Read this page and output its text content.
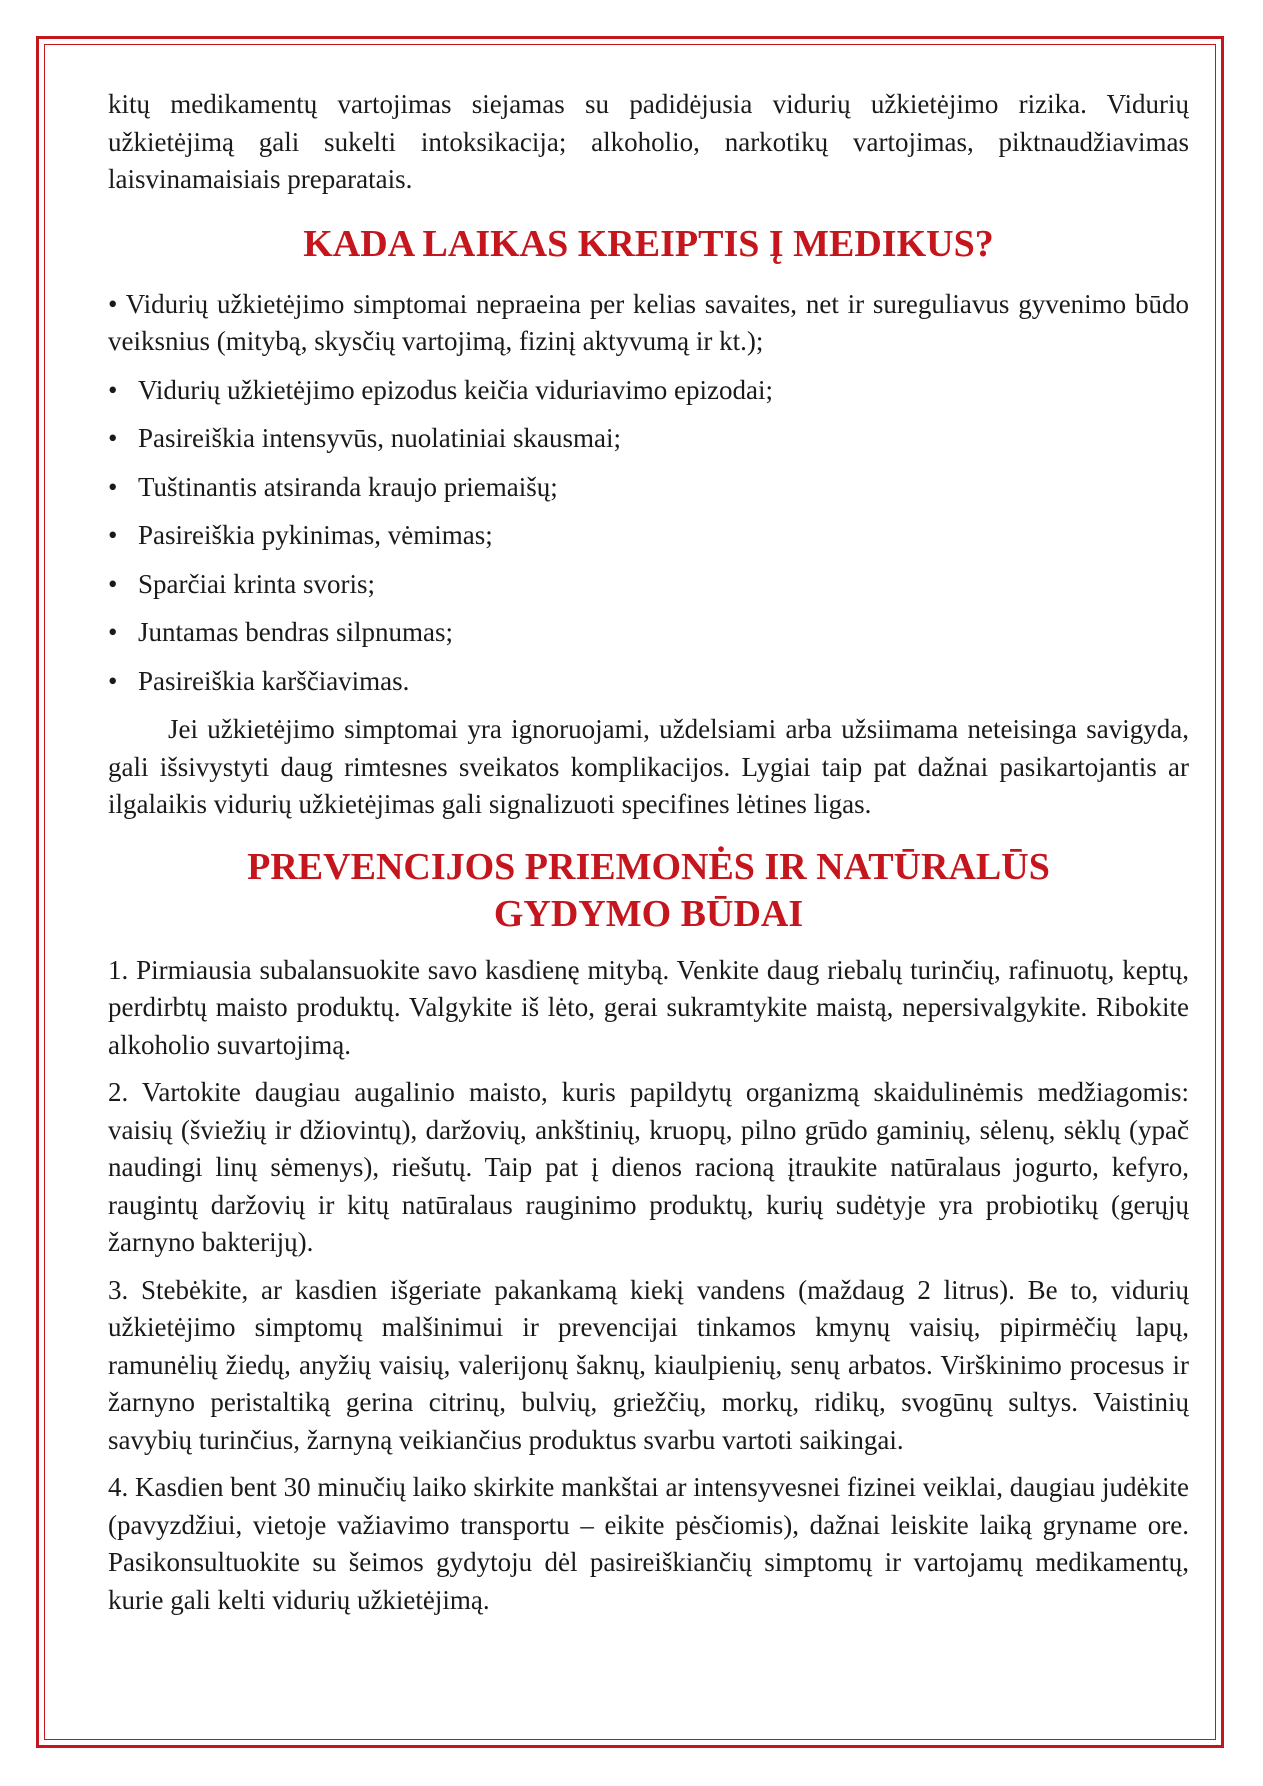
kitų medikamentų vartojimas siejamas su padidėjusia vidurių užkietėjimo rizika. Vidurių užkietėjimą gali sukelti intoksikacija; alkoholio, narkotikų vartojimas, piktnaudžiavimas laisvinamaisiais preparatais.

KADA LAIKAS KREIPTIS Į MEDIKUS?
• Vidurių užkietėjimo simptomai nepraeina per kelias savaites, net ir sureguliavus gyvenimo būdo veiksnius (mitybą, skysčių vartojimą, fizinį aktyvumą ir kt.);
• Vidurių užkietėjimo epizodus keičia viduriavimo epizodai;
• Pasireiškia intensyvūs, nuolatiniai skausmai;
• Tuštinantis atsiranda kraujo priemaišų;
• Pasireiškia pykinimas, vėmimas;
• Sparčiai krinta svoris;
• Juntamas bendras silpnumas;
• Pasireiškia karščiavimas.

Jei užkietėjimo simptomai yra ignoruojami, uždelsiami arba užsiimama neteisinga savigyda, gali išsivystyti daug rimtesnes sveikatos komplikacijos. Lygiai taip pat dažnai pasikartojantis ar ilgalaikis vidurių užkietėjimas gali signalizuoti specifines lėtines ligas.

PREVENCIJOS PRIEMONĖS IR NATŪRALŪS
GYDYMO BŪDAI

1. Pirmiausia subalansuokite savo kasdienę mitybą. Venkite daug riebalų turinčių, rafinuotų, keptų, perdirbtų maisto produktų. Valgykite iš lėto, gerai sukramtykite maistą, nepersivalgykite. Ribokite alkoholio suvartojimą.

2. Vartokite daugiau augalinio maisto, kuris papildytų organizmą skaidulinėmis medžiagomis: vaisių (šviežių ir džiovintų), daržovių, ankštinių, kruopų, pilno grūdo gaminių, sėlenų, sėklų (ypač naudingi linų sėmenys), riešutų. Taip pat į dienos racioną įtraukite natūralaus jogurto, kefyro, raugintų daržovių ir kitų natūralaus rauginimo produktų, kurių sudėtyje yra probiotikų (gerųjų žarnyno bakterijų).

3. Stebėkite, ar kasdien išgeriate pakankamą kiekį vandens (maždaug 2 litrus). Be to, vidurių užkietėjimo simptomų malšinimui ir prevencijai tinkamos kmynų vaisių, pipirmėčių lapų, ramunėlių žiedų, anyžių vaisių, valerijonų šaknų, kiaulpienių, senų arbatos. Virškinimo procesus ir žarnyno peristaltiką gerina citrinų, bulvių, griežčių, morkų, ridikų, svogūnų sultys. Vaistinių savybių turinčius, žarnyną veikiančius produktus svarbu vartoti saikingai.

4. Kasdien bent 30 minučių laiko skirkite mankštai ar intensyvesnei fizinei veiklai, daugiau judėkite (pavyzdžiui, vietoje važiavimo transportu – eikite pėsčiomis), dažnai leiskite laiką gryname ore. Pasikonsultuokite su šeimos gydytoju dėl pasireiškiančių simptomų ir vartojamų medikamentų, kurie gali kelti vidurių užkietėjimą.
